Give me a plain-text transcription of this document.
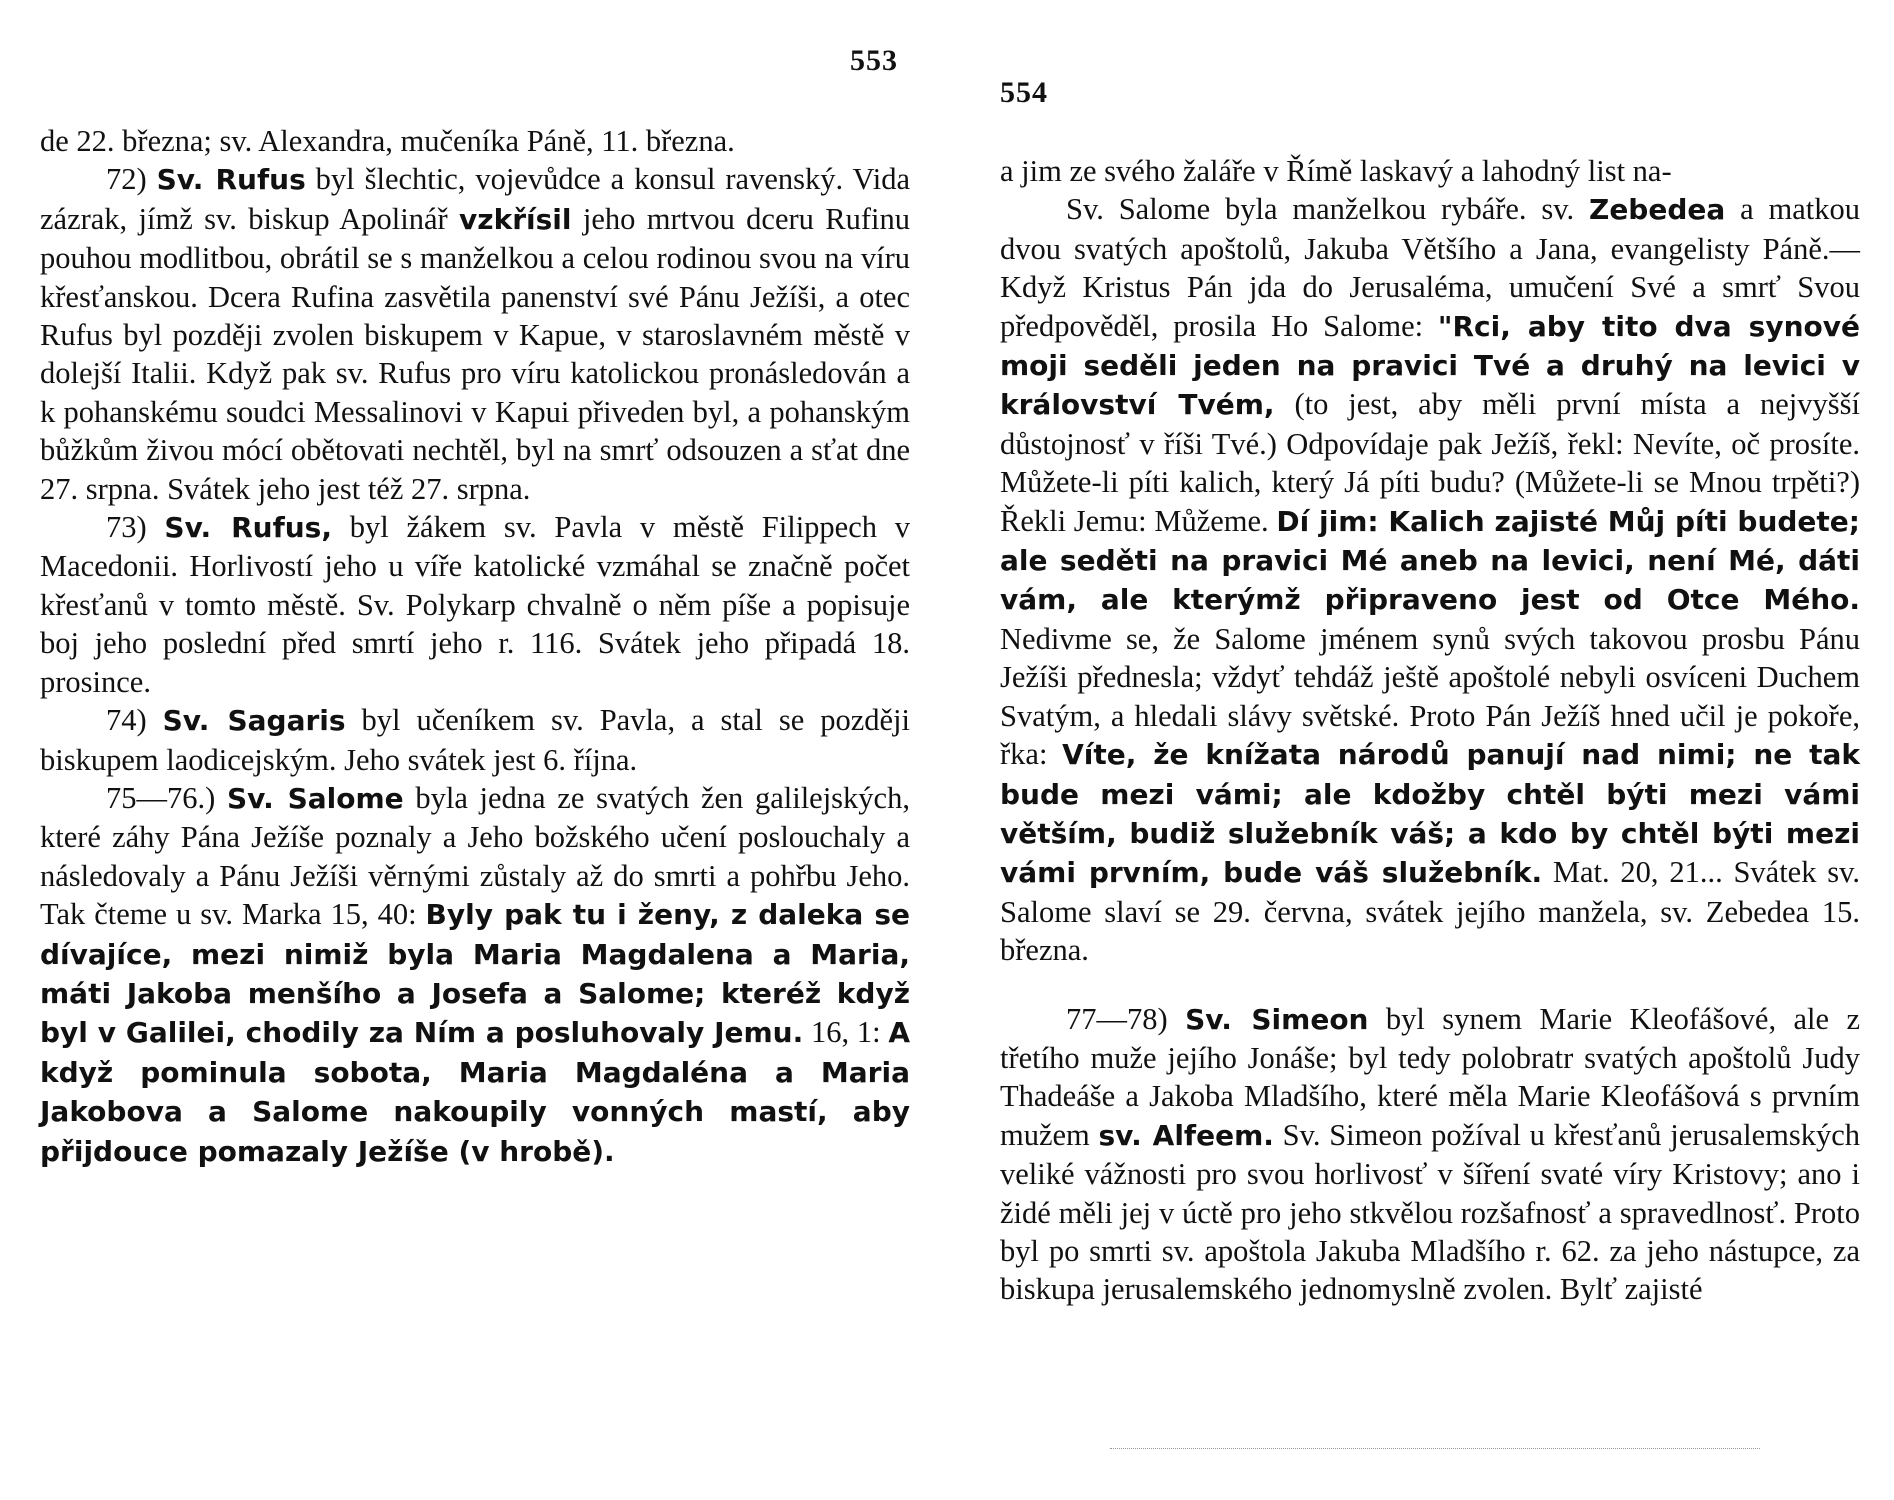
553

de 22. března; sv. Alexandra, mučeníka Páně, 11. března.

72) Sv. Rufus byl šlechtic, vojevůdce a konsul ravenský. Vida zázrak, jímž sv. biskup Apolinář vzkřísil jeho mrtvou dceru Rufinu pouhou modlitbou, obrátil se s manželkou a celou rodinou svou na víru křesťanskou. Dcera Rufina zasvětila panenství své Pánu Ježíši, a otec Rufus byl později zvolen biskupem v Kapue, v staroslavném městě v dolejší Italii. Když pak sv. Rufus pro víru katolickou pronásledován a k pohanskému soudci Messalinovi v Kapui přiveden byl, a pohanským bůžkům živou mócí obětovati nechtěl, byl na smrť odsouzen a sťat dne 27. srpna. Svátek jeho jest též 27. srpna.

73) Sv. Rufus, byl žákem sv. Pavla v městě Filippech v Macedonii. Horlivostí jeho u víře katolické vzmáhal se značně počet křesťanů v tomto městě. Sv. Polykarp chvalně o něm píše a popisuje boj jeho poslední před smrtí jeho r. 116. Svátek jeho připadá 18. prosince.

74) Sv. Sagaris byl učeníkem sv. Pavla, a stal se později biskupem laodicejským. Jeho svátek jest 6. října.

75—76.) Sv. Salome byla jedna ze svatých žen galilejských, které záhy Pána Ježíše poznaly a Jeho božského učení poslouchaly a následovaly a Pánu Ježíši věrnými zůstaly až do smrti a pohřbu Jeho. Tak čteme u sv. Marka 15, 40: Byly pak tu i ženy, z daleka se dívajíce, mezi nimiž byla Maria Magdalena a Maria, máti Jakoba menšího a Josefa a Salome; kteréž když byl v Galilei, chodily za Ním a posluhovaly Jemu. 16, 1: A když pominula sobota, Maria Magdaléna a Maria Jakobova a Salome nakoupily vonných mastí, aby přijdouce pomazaly Ježíše (v hrobě).

554

a jim ze svého žaláře v Římě laskavý a lahodný list na-

Sv. Salome byla manželkou rybáře. sv. Zebedea a matkou dvou svatých apoštolů, Jakuba Většího a Jana, evangelisty Páně.—Když Kristus Pán jda do Jerusaléma, umučení Své a smrť Svou předpověděl, prosila Ho Salome: "Rci, aby tito dva synové moji seděli jeden na pravici Tvé a druhý na levici v království Tvém, (to jest, aby měli první místa a nejvyšší důstojnosť v říši Tvé.) Odpovídaje pak Ježíš, řekl: Nevíte, oč prosíte. Můžete-li píti kalich, který Já píti budu? (Můžete-li se Mnou trpěti?) Řekli Jemu: Můžeme. Dí jim: Kalich zajisté Můj píti budete; ale seděti na pravici Mé aneb na levici, není Mé, dáti vám, ale kterýmž připraveno jest od Otce Mého. Nedivme se, že Salome jménem synů svých takovou prosbu Pánu Ježíši přednesla; vždyť tehdáž ještě apoštolé nebyli osvíceni Duchem Svatým, a hledali slávy světské. Proto Pán Ježíš hned učil je pokoře, řka: Víte, že knížata národů panují nad nimi; ne tak bude mezi vámi; ale kdožby chtěl býti mezi vámi větším, budiž služebník váš; a kdo by chtěl býti mezi vámi prvním, bude váš služebník. Mat. 20, 21... Svátek sv. Salome slaví se 29. června, svátek jejího manžela, sv. Zebedea 15. března.

77—78) Sv. Simeon byl synem Marie Kleofášové, ale z třetího muže jejího Jonáše; byl tedy polobratr svatých apoštolů Judy Thadeáše a Jakoba Mladšího, které měla Marie Kleofášová s prvním mužem sv. Alfeem. Sv. Simeon požíval u křesťanů jerusalemských veliké vážnosti pro svou horlivosť v šíření svaté víry Kristovy; ano i židé měli jej v úctě pro jeho stkvělou rozšafnosť a spravedlnosť. Proto byl po smrti sv. apoštola Jakuba Mladšího r. 62. za jeho nástupce, za biskupa jerusalemského jednomyslně zvolen. Bylť zajisté
